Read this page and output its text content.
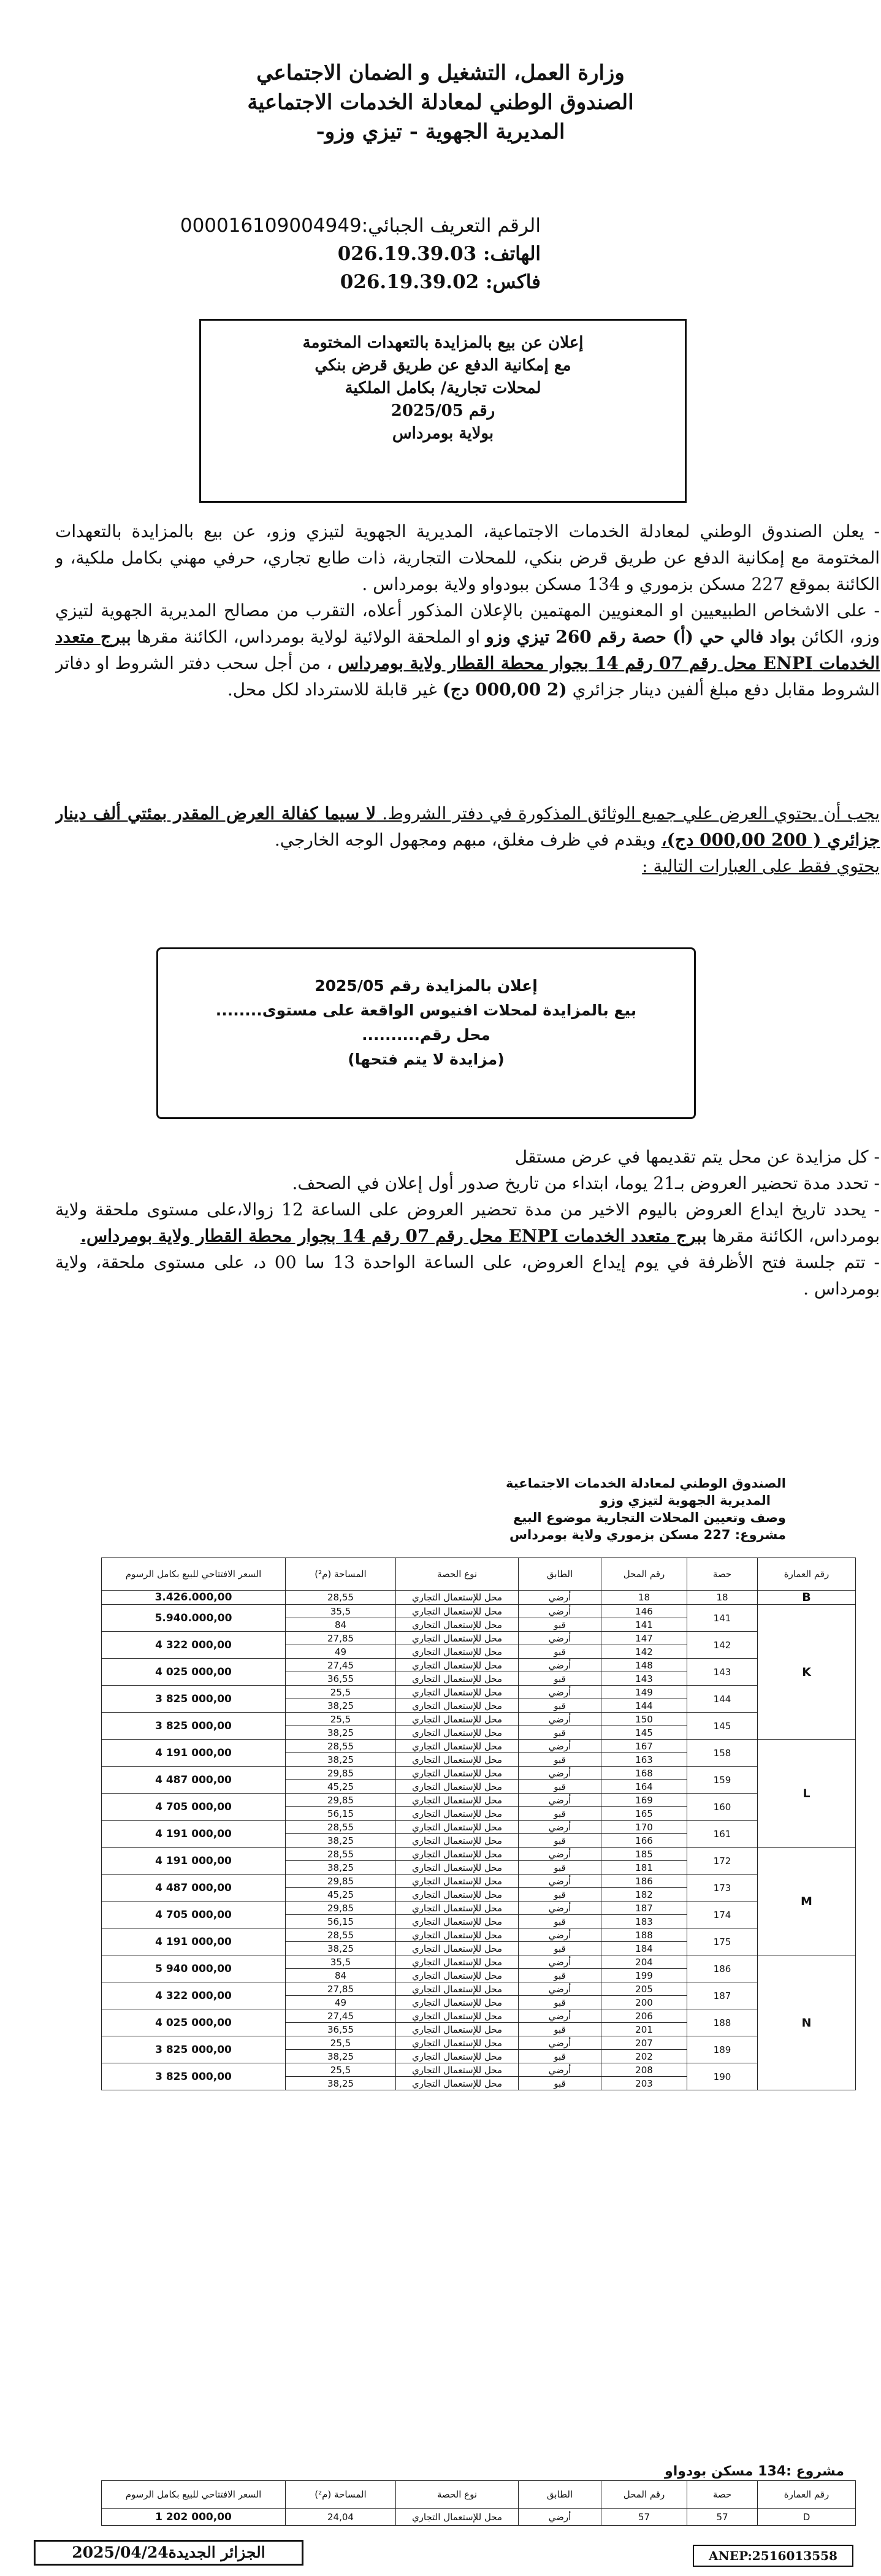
وزارة العمل، التشغيل و الضمان الاجتماعي
الصندوق الوطني لمعادلة الخدمات الاجتماعية
المديرية الجهوية - تيزي وزو-
الرقم التعريف الجبائي:000016109004949
الهاتف: 026.19.39.03
فاكس: 026.19.39.02
إعلان عن بيع بالمزايدة بالتعهدات المختومة
مع إمكانية الدفع عن طريق قرض بنكي
لمحلات تجارية/ بكامل الملكية
رقم 2025/05
بولاية بومرداس

- يعلن الصندوق الوطني لمعادلة الخدمات الاجتماعية، المديرية الجهوية لتيزي وزو، عن بيع بالمزايدة بالتعهدات المختومة مع إمكانية الدفع عن طريق قرض بنكي، للمحلات التجارية، ذات طابع تجاري، حرفي مهني بكامل ملكية، و الكائنة بموقع 227 مسكن بزموري و 134 مسكن ببودواو ولاية بومرداس .

- على الاشخاص الطبيعيين او المعنويين المهتمين بالإعلان المذكور أعلاه، التقرب من مصالح المديرية الجهوية لتيزي وزو، الكائن بواد فالي حي (أ) حصة رقم 260 تيزي وزو او الملحقة الولائية لولاية بومرداس، الكائنة مقرها ببرج متعدد الخدمات ENPI محل رقم 07 رقم 14 بجوار محطة القطار ولاية بومرداس ، من أجل سحب دفتر الشروط او دفاتر الشروط مقابل دفع مبلغ ألفين دينار جزائري (2 000,00 دج) غير قابلة للاسترداد لكل محل.

يجب أن يحتوي العرض علي جميع الوثائق المذكورة في دفتر الشروط. لا سيما كفالة العرض المقدر بمئتي ألف دينار جزائري ( 200 000,00 دج)، ويقدم في ظرف مغلق، مبهم ومجهول الوجه الخارجي.

يحتوي فقط على العبارات التالية :

إعلان بالمزايدة رقم 2025/05
بيع بالمزايدة لمحلات افنيوس الواقعة على مستوى........
محل رقم..........
(مزايدة لا يتم فتحها)

- كل مزايدة عن محل يتم تقديمها في عرض مستقل

- تحدد مدة تحضير العروض بـ21 يوما، ابتداء من تاريخ صدور أول إعلان في الصحف.

- يحدد تاريخ ايداع العروض باليوم الاخير من مدة تحضير العروض على الساعة 12 زوالا،على مستوى ملحقة ولاية بومرداس، الكائنة مقرها ببرج متعدد الخدمات ENPI محل رقم 07 رقم 14 بجوار محطة القطار ولاية بومرداس.

- تتم جلسة فتح الأظرفة في يوم إيداع العروض، على الساعة الواحدة 13 سا 00 د، على مستوى ملحقة، ولاية بومرداس .

الصندوق الوطني لمعادلة الخدمات الاجتماعية
المديرية الجهوية لتيزي وزو
وصف وتعيين المحلات التجارية موضوع البيع
مشروع: 227 مسكن بزموري ولاية بومرداس
السعر الافتتاحي للبيع بكامل الرسوم	المساحة (م²)	نوع الحصة	الطابق	رقم المحل	حصة	رقم العمارة
3.426.000,00	28,55	محل للإستعمال التجاري	أرضي	18	18	B
5.940.000,00	35,5	محل للإستعمال التجاري	أرضي	146	141	K
	84	محل للإستعمال التجاري	قبو	141		
4 322 000,00	27,85	محل للإستعمال التجاري	أرضي	147	142	
	49	محل للإستعمال التجاري	قبو	142		
4 025 000,00	27,45	محل للإستعمال التجاري	أرضي	148	143	
	36,55	محل للإستعمال التجاري	قبو	143		
3 825 000,00	25,5	محل للإستعمال التجاري	أرضي	149	144	
	38,25	محل للإستعمال التجاري	قبو	144		
3 825 000,00	25,5	محل للإستعمال التجاري	أرضي	150	145	
	38,25	محل للإستعمال التجاري	قبو	145		
4 191 000,00	28,55	محل للإستعمال التجاري	أرضي	167	158	L
	38,25	محل للإستعمال التجاري	قبو	163		
4 487 000,00	29,85	محل للإستعمال التجاري	أرضي	168	159	
	45,25	محل للإستعمال التجاري	قبو	164		
4 705 000,00	29,85	محل للإستعمال التجاري	أرضي	169	160	
	56,15	محل للإستعمال التجاري	قبو	165		
4 191 000,00	28,55	محل للإستعمال التجاري	أرضي	170	161	
	38,25	محل للإستعمال التجاري	قبو	166		
4 191 000,00	28,55	محل للإستعمال التجاري	أرضي	185	172	M
	38,25	محل للإستعمال التجاري	قبو	181		
4 487 000,00	29,85	محل للإستعمال التجاري	أرضي	186	173	
	45,25	محل للإستعمال التجاري	قبو	182		
4 705 000,00	29,85	محل للإستعمال التجاري	أرضي	187	174	
	56,15	محل للإستعمال التجاري	قبو	183		
4 191 000,00	28,55	محل للإستعمال التجاري	أرضي	188	175	
	38,25	محل للإستعمال التجاري	قبو	184		
5 940 000,00	35,5	محل للإستعمال التجاري	أرضي	204	186	N
	84	محل للإستعمال التجاري	قبو	199		
4 322 000,00	27,85	محل للإستعمال التجاري	أرضي	205	187	
	49	محل للإستعمال التجاري	قبو	200		
4 025 000,00	27,45	محل للإستعمال التجاري	أرضي	206	188	
	36,55	محل للإستعمال التجاري	قبو	201		
3 825 000,00	25,5	محل للإستعمال التجاري	أرضي	207	189	
	38,25	محل للإستعمال التجاري	قبو	202		
3 825 000,00	25,5	محل للإستعمال التجاري	أرضي	208	190	
	38,25	محل للإستعمال التجاري	قبو	203		
مشروع :134 مسكن بودواو
السعر الافتتاحي للبيع بكامل الرسوم	المساحة (م²)	نوع الحصة	الطابق	رقم المحل	حصة	رقم العمارة
1 202 000,00	24,04	محل للإستعمال التجاري	أرضي	57	57	D
الجزائر الجديدة2025/04/24	ANEP:2516013558
